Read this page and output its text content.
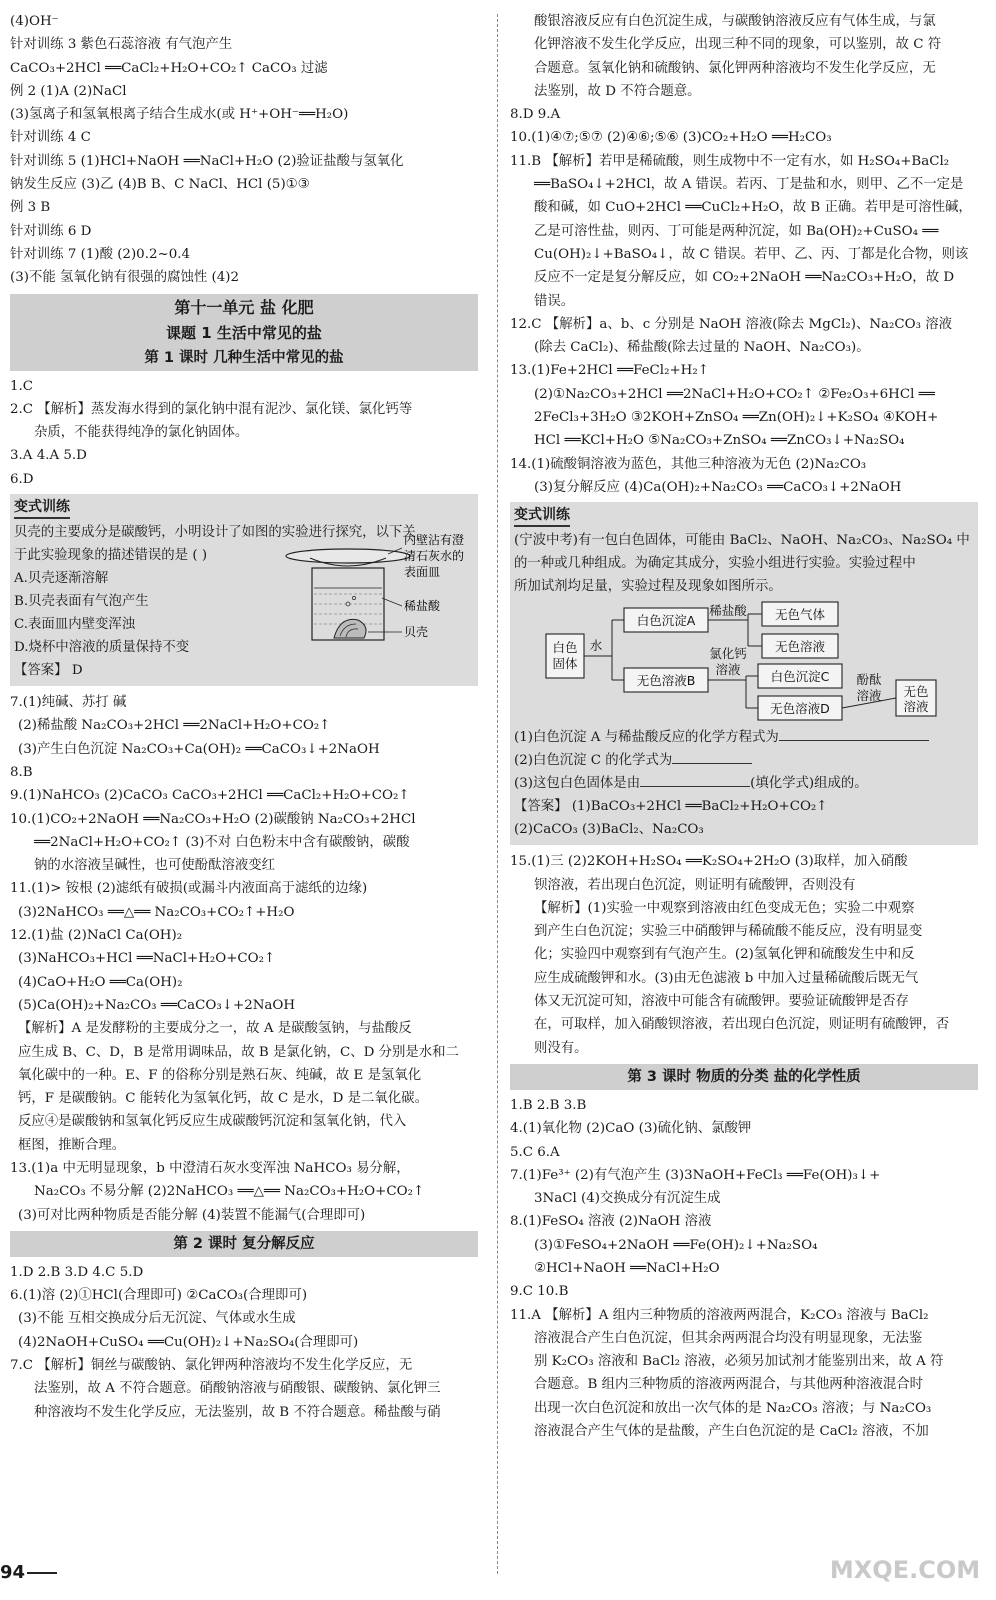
(4)OH⁻
针对训练 3 紫色石蕊溶液 有气泡产生
CaCO₃+2HCl ══CaCl₂+H₂O+CO₂↑ CaCO₃ 过滤
例 2 (1)A (2)NaCl
(3)氢离子和氢氧根离子结合生成水(或 H⁺+OH⁻══H₂O)
针对训练 4 C
针对训练 5 (1)HCl+NaOH ══NaCl+H₂O (2)验证盐酸与氢氧化
钠发生反应 (3)乙 (4)B B、C NaCl、HCl (5)①③
例 3 B
针对训练 6 D
针对训练 7 (1)酸 (2)0.2~0.4
(3)不能 氢氧化钠有很强的腐蚀性 (4)2
第十一单元 盐 化肥
课题 1 生活中常见的盐
第 1 课时 几种生活中常见的盐
1.C
2.C 【解析】蒸发海水得到的氯化钠中混有泥沙、氯化镁、氯化钙等
杂质，不能获得纯净的氯化钠固体。
3.A 4.A 5.D
6.D
变式训练
贝壳的主要成分是碳酸钙，小明设计了如图的实验进行探究，以下关
于此实验现象的描述错误的是 ( )
A.贝壳逐渐溶解
B.贝壳表面有气泡产生
C.表面皿内壁变浑浊
D.烧杯中溶液的质量保持不变
【答案】 D
内壁沾有澄
清石灰水的
表面皿
稀盐酸
贝壳
7.(1)纯碱、苏打 碱
(2)稀盐酸 Na₂CO₃+2HCl ══2NaCl+H₂O+CO₂↑
(3)产生白色沉淀 Na₂CO₃+Ca(OH)₂ ══CaCO₃↓+2NaOH
8.B
9.(1)NaHCO₃ (2)CaCO₃ CaCO₃+2HCl ══CaCl₂+H₂O+CO₂↑
10.(1)CO₂+2NaOH ══Na₂CO₃+H₂O (2)碳酸钠 Na₂CO₃+2HCl
══2NaCl+H₂O+CO₂↑ (3)不对 白色粉末中含有碳酸钠，碳酸
钠的水溶液呈碱性，也可使酚酞溶液变红
11.(1)> 铵根 (2)滤纸有破损(或漏斗内液面高于滤纸的边缘)
(3)2NaHCO₃ ══△══ Na₂CO₃+CO₂↑+H₂O
12.(1)盐 (2)NaCl Ca(OH)₂
(3)NaHCO₃+HCl ══NaCl+H₂O+CO₂↑
(4)CaO+H₂O ══Ca(OH)₂
(5)Ca(OH)₂+Na₂CO₃ ══CaCO₃↓+2NaOH
【解析】A 是发酵粉的主要成分之一，故 A 是碳酸氢钠，与盐酸反
应生成 B、C、D，B 是常用调味品，故 B 是氯化钠，C、D 分别是水和二
氧化碳中的一种。E、F 的俗称分别是熟石灰、纯碱，故 E 是氢氧化
钙，F 是碳酸钠。C 能转化为氢氧化钙，故 C 是水，D 是二氧化碳。
反应④是碳酸钠和氢氧化钙反应生成碳酸钙沉淀和氢氧化钠，代入
框图，推断合理。
13.(1)a 中无明显现象，b 中澄清石灰水变浑浊 NaHCO₃ 易分解，
Na₂CO₃ 不易分解 (2)2NaHCO₃ ══△══ Na₂CO₃+H₂O+CO₂↑
(3)可对比两种物质是否能分解 (4)装置不能漏气(合理即可)
第 2 课时 复分解反应
1.D 2.B 3.D 4.C 5.D
6.(1)溶 (2)①HCl(合理即可) ②CaCO₃(合理即可)
(3)不能 互相交换成分后无沉淀、气体或水生成
(4)2NaOH+CuSO₄ ══Cu(OH)₂↓+Na₂SO₄(合理即可)
7.C 【解析】铜丝与碳酸钠、氯化钾两种溶液均不发生化学反应，无
法鉴别，故 A 不符合题意。硝酸钠溶液与硝酸银、碳酸钠、氯化钾三
种溶液均不发生化学反应，无法鉴别，故 B 不符合题意。稀盐酸与硝
酸银溶液反应有白色沉淀生成，与碳酸钠溶液反应有气体生成，与氯
化钾溶液不发生化学反应，出现三种不同的现象，可以鉴别，故 C 符
合题意。氢氧化钠和硫酸钠、氯化钾两种溶液均不发生化学反应，无
法鉴别，故 D 不符合题意。
8.D 9.A
10.(1)④⑦;⑤⑦ (2)④⑥;⑤⑥ (3)CO₂+H₂O ══H₂CO₃
11.B 【解析】若甲是稀硫酸，则生成物中不一定有水，如 H₂SO₄+BaCl₂
══BaSO₄↓+2HCl，故 A 错误。若丙、丁是盐和水，则甲、乙不一定是
酸和碱，如 CuO+2HCl ══CuCl₂+H₂O，故 B 正确。若甲是可溶性碱，
乙是可溶性盐，则丙、丁可能是两种沉淀，如 Ba(OH)₂+CuSO₄ ══
Cu(OH)₂↓+BaSO₄↓，故 C 错误。若甲、乙、丙、丁都是化合物，则该
反应不一定是复分解反应，如 CO₂+2NaOH ══Na₂CO₃+H₂O，故 D
错误。
12.C 【解析】a、b、c 分别是 NaOH 溶液(除去 MgCl₂)、Na₂CO₃ 溶液
(除去 CaCl₂)、稀盐酸(除去过量的 NaOH、Na₂CO₃)。
13.(1)Fe+2HCl ══FeCl₂+H₂↑
(2)①Na₂CO₃+2HCl ══2NaCl+H₂O+CO₂↑ ②Fe₂O₃+6HCl ══
2FeCl₃+3H₂O ③2KOH+ZnSO₄ ══Zn(OH)₂↓+K₂SO₄ ④KOH+
HCl ══KCl+H₂O ⑤Na₂CO₃+ZnSO₄ ══ZnCO₃↓+Na₂SO₄
14.(1)硫酸铜溶液为蓝色，其他三种溶液为无色 (2)Na₂CO₃
(3)复分解反应 (4)Ca(OH)₂+Na₂CO₃ ══CaCO₃↓+2NaOH
变式训练
(宁波中考)有一包白色固体，可能由 BaCl₂、NaOH、Na₂CO₃、Na₂SO₄ 中
的一种或几种组成。为确定其成分，实验小组进行实验。实验过程中
所加试剂均足量，实验过程及现象如图所示。
白色
固体
水
白色沉淀A
稀盐酸 无色气体
无色溶液
无色溶液B
氯化钙
溶液 白色沉淀C
无色溶液D
酚酞
溶液 无色
溶液
(1)白色沉淀 A 与稀盐酸反应的化学方程式为
(2)白色沉淀 C 的化学式为
(3)这包白色固体是由	(填化学式)组成的。
【答案】 (1)BaCO₃+2HCl ══BaCl₂+H₂O+CO₂↑
(2)CaCO₃ (3)BaCl₂、Na₂CO₃
15.(1)三 (2)2KOH+H₂SO₄ ══K₂SO₄+2H₂O (3)取样，加入硝酸
钡溶液，若出现白色沉淀，则证明有硫酸钾，否则没有
【解析】(1)实验一中观察到溶液由红色变成无色；实验二中观察
到产生白色沉淀；实验三中硝酸钾与稀硫酸不能反应，没有明显变
化；实验四中观察到有气泡产生。(2)氢氧化钾和硫酸发生中和反
应生成硫酸钾和水。(3)由无色滤液 b 中加入过量稀硫酸后既无气
体又无沉淀可知，溶液中可能含有硫酸钾。要验证硫酸钾是否存
在，可取样，加入硝酸钡溶液，若出现白色沉淀，则证明有硫酸钾，否
则没有。
第 3 课时 物质的分类 盐的化学性质
1.B 2.B 3.B
4.(1)氧化物 (2)CaO (3)硫化钠、氯酸钾
5.C 6.A
7.(1)Fe³⁺ (2)有气泡产生 (3)3NaOH+FeCl₃ ══Fe(OH)₃↓+
3NaCl (4)交换成分有沉淀生成
8.(1)FeSO₄ 溶液 (2)NaOH 溶液
(3)①FeSO₄+2NaOH ══Fe(OH)₂↓+Na₂SO₄
②HCl+NaOH ══NaCl+H₂O
9.C 10.B
11.A 【解析】A 组内三种物质的溶液两两混合，K₂CO₃ 溶液与 BaCl₂
溶液混合产生白色沉淀，但其余两两混合均没有明显现象，无法鉴
别 K₂CO₃ 溶液和 BaCl₂ 溶液，必须另加试剂才能鉴别出来，故 A 符
合题意。B 组内三种物质的溶液两两混合，与其他两种溶液混合时
出现一次白色沉淀和放出一次气体的是 Na₂CO₃ 溶液；与 Na₂CO₃
溶液混合产生气体的是盐酸，产生白色沉淀的是 CaCl₂ 溶液，不加
94	MXQE.COM
